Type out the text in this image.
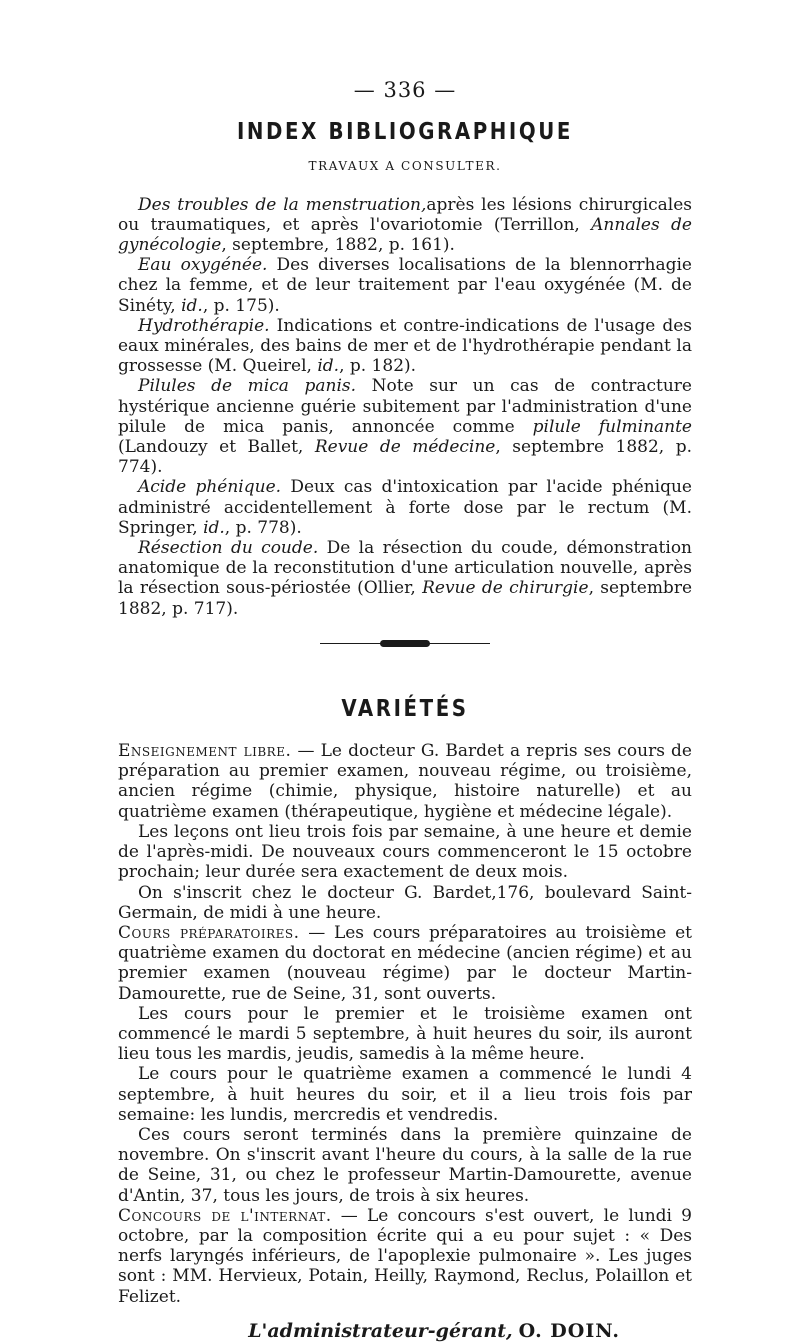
— 336 —
INDEX BIBLIOGRAPHIQUE
TRAVAUX A CONSULTER.

Des troubles de la menstruation,après les lésions chirurgicales ou traumatiques, et après l'ovariotomie (Terrillon, Annales de gynécologie, septembre, 1882, p. 161).

Eau oxygénée. Des diverses localisations de la blennorrhagie chez la femme, et de leur traitement par l'eau oxygénée (M. de Sinéty, id., p. 175).

Hydrothérapie. Indications et contre-indications de l'usage des eaux minérales, des bains de mer et de l'hydrothérapie pendant la grossesse (M. Queirel, id., p. 182).

Pilules de mica panis. Note sur un cas de contracture hystérique ancienne guérie subitement par l'administration d'une pilule de mica panis, annoncée comme pilule fulminante (Landouzy et Ballet, Revue de médecine, septembre 1882, p. 774).

Acide phénique. Deux cas d'intoxication par l'acide phénique administré accidentellement à forte dose par le rectum (M. Springer, id., p. 778).

Résection du coude. De la résection du coude, démonstration anatomique de la reconstitution d'une articulation nouvelle, après la résection sous-périostée (Ollier, Revue de chirurgie, septembre 1882, p. 717).

VARIÉTÉS

Enseignement libre. — Le docteur G. Bardet a repris ses cours de préparation au premier examen, nouveau régime, ou troisième, ancien régime (chimie, physique, histoire naturelle) et au quatrième examen (thérapeutique, hygiène et médecine légale).

Les leçons ont lieu trois fois par semaine, à une heure et demie de l'après-midi. De nouveaux cours commenceront le 15 octobre prochain; leur durée sera exactement de deux mois.

On s'inscrit chez le docteur G. Bardet,176, boulevard Saint-Germain, de midi à une heure.

Cours préparatoires. — Les cours préparatoires au troisième et quatrième examen du doctorat en médecine (ancien régime) et au premier examen (nouveau régime) par le docteur Martin-Damourette, rue de Seine, 31, sont ouverts.

Les cours pour le premier et le troisième examen ont commencé le mardi 5 septembre, à huit heures du soir, ils auront lieu tous les mardis, jeudis, samedis à la même heure.

Le cours pour le quatrième examen a commencé le lundi 4 septembre, à huit heures du soir, et il a lieu trois fois par semaine: les lundis, mercredis et vendredis.

Ces cours seront terminés dans la première quinzaine de novembre. On s'inscrit avant l'heure du cours, à la salle de la rue de Seine, 31, ou chez le professeur Martin-Damourette, avenue d'Antin, 37, tous les jours, de trois à six heures.

Concours de l'internat. — Le concours s'est ouvert, le lundi 9 octobre, par la composition écrite qui a eu pour sujet : « Des nerfs laryngés inférieurs, de l'apoplexie pulmonaire ». Les juges sont : MM. Hervieux, Potain, Heilly, Raymond, Reclus, Polaillon et Felizet.

L'administrateur-gérant, O. DOIN.
